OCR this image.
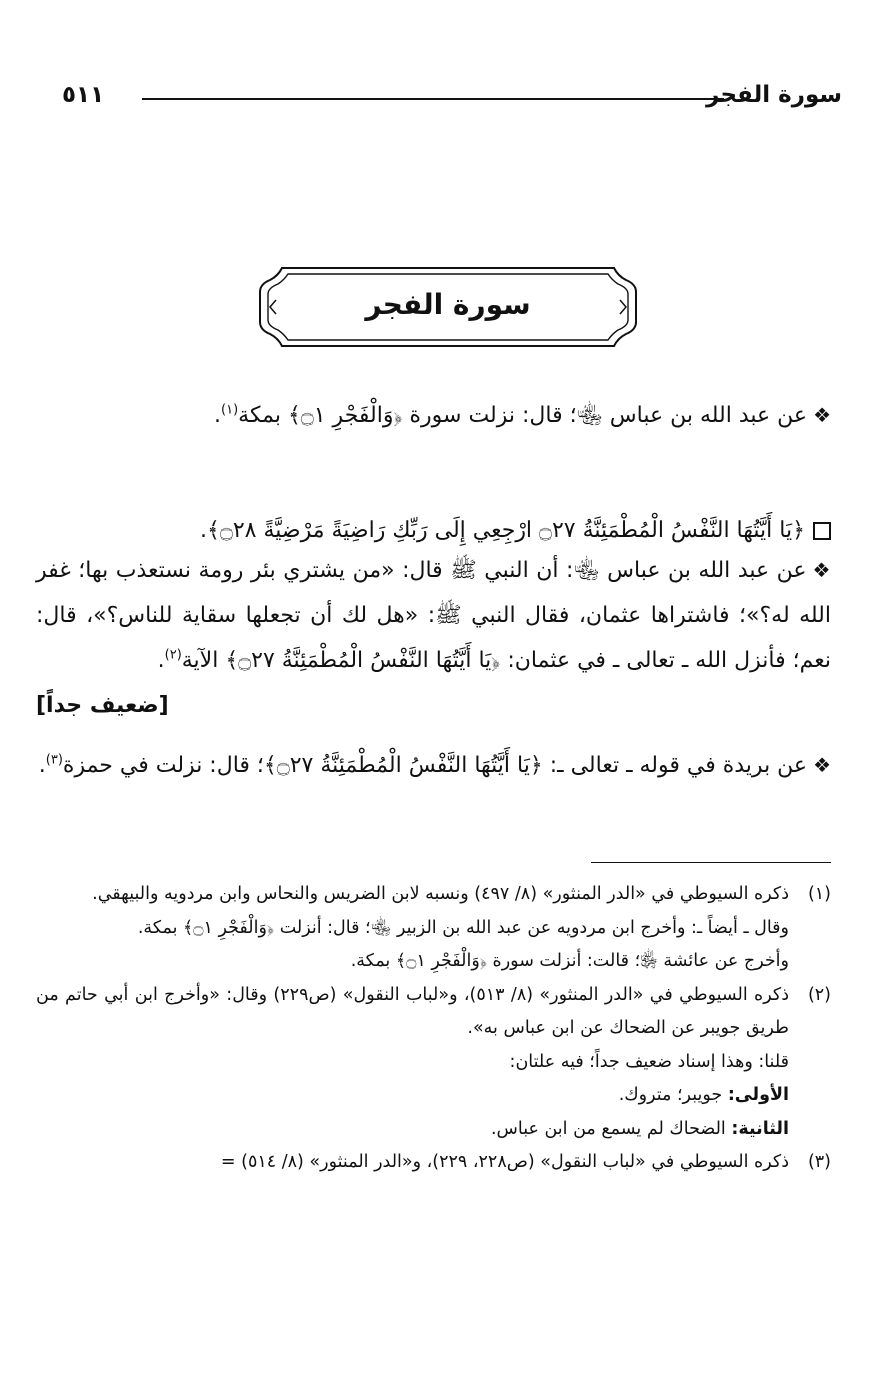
سورة الفجر
٥١١
سورة الفجر
❖عن عبد الله بن عباس ﵄؛ قال: نزلت سورة ﴿وَالْفَجْرِ ۝١﴾ بمكة$^{(١)}$.
﴿يَا أَيَّتُهَا النَّفْسُ الْمُطْمَئِنَّةُ ۝٢٧ ارْجِعِي إِلَى رَبِّكِ رَاضِيَةً مَرْضِيَّةً ۝٢٨﴾.
❖عن عبد الله بن عباس ﵄: أن النبي ﷺ قال: «من يشتري بئر رومة نستعذب بها؛ غفر الله له؟»؛ فاشتراها عثمان، فقال النبي ﷺ: «هل لك أن تجعلها سقاية للناس؟»، قال: نعم؛ فأنزل الله ـ تعالى ـ في عثمان: ﴿يَا أَيَّتُهَا النَّفْسُ الْمُطْمَئِنَّةُ ۝٢٧﴾ الآية$^{(٢)}$.
[ضعيف جداً]
❖عن بريدة في قوله ـ تعالى ـ: ﴿يَا أَيَّتُهَا النَّفْسُ الْمُطْمَئِنَّةُ ۝٢٧﴾؛ قال: نزلت في حمزة$^{(٣)}$.
(١)

ذكره السيوطي في «الدر المنثور» (٨/ ٤٩٧) ونسبه لابن الضريس والنحاس وابن مردويه والبيهقي.

وقال ـ أيضاً ـ: وأخرج ابن مردويه عن عبد الله بن الزبير ﵄؛ قال: أنزلت ﴿وَالْفَجْرِ ۝١﴾ بمكة.

وأخرج عن عائشة ﵂؛ قالت: أنزلت سورة ﴿وَالْفَجْرِ ۝١﴾ بمكة.

(٢)

ذكره السيوطي في «الدر المنثور» (٨/ ٥١٣)، و«لباب النقول» (ص٢٢٩) وقال: «وأخرج ابن أبي حاتم من طريق جويبر عن الضحاك عن ابن عباس به».

قلنا: وهذا إسناد ضعيف جداً؛ فيه علتان:

الأولى: جويبر؛ متروك.

الثانية: الضحاك لم يسمع من ابن عباس.

(٣)

ذكره السيوطي في «لباب النقول» (ص٢٢٨، ٢٢٩)، و«الدر المنثور» (٨/ ٥١٤) =
